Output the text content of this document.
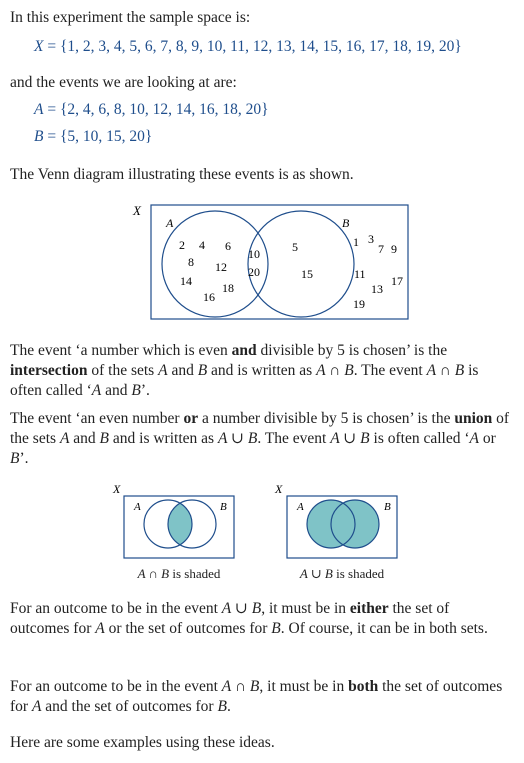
In this experiment the sample space is:

X = {1, 2, 3, 4, 5, 6, 7, 8, 9, 10, 11, 12, 13, 14, 15, 16, 17, 18, 19, 20}

and the events we are looking at are:

A = {2, 4, 6, 8, 10, 12, 14, 16, 18, 20}
B = {5, 10, 15, 20}

The Venn diagram illustrating these events is as shown.

X
A	B
2 4 6
8 12
14
16
18
10
20
5
15
1 3
7 9
11
13
17
19

The event ‘a number which is even and divisible by 5 is chosen’ is the intersection of the sets A and B and is written as A ∩ B. The event A ∩ B is often called ‘A and B’.

The event ‘an even number or a number divisible by 5 is chosen’ is the union of the sets A and B and is written as A ∪ B. The event A ∪ B is often called ‘A or B’.

X
A	B
X
A	B
A ∩ B is shaded	A ∪ B is shaded

For an outcome to be in the event A ∪ B, it must be in either the set of outcomes for A or the set of outcomes for B. Of course, it can be in both sets.

For an outcome to be in the event A ∩ B, it must be in both the set of outcomes for A and the set of outcomes for B.

Here are some examples using these ideas.
